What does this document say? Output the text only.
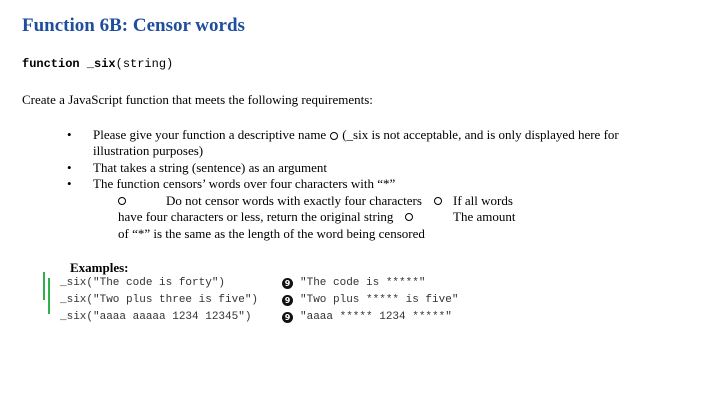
Function 6B: Censor words
function _six(string)
Create a JavaScript function that meets the following requirements:
• Please give your function a descriptive name (_six is not acceptable, and is only displayed here for
illustration purposes)
• That takes a string (sentence) as an argument
• The function censors’ words over four characters with “*”
Do not censor words with exactly four characters If all words
have four characters or less, return the original string	The amount
of “*” is the same as the length of the word being censored
Examples:
_six("The code is forty")	9 "The code is *****"
_six("Two plus three is five")	9 "Two plus ***** is five"
_six("aaaa aaaaa 1234 12345")	9 "aaaa ***** 1234 *****"
